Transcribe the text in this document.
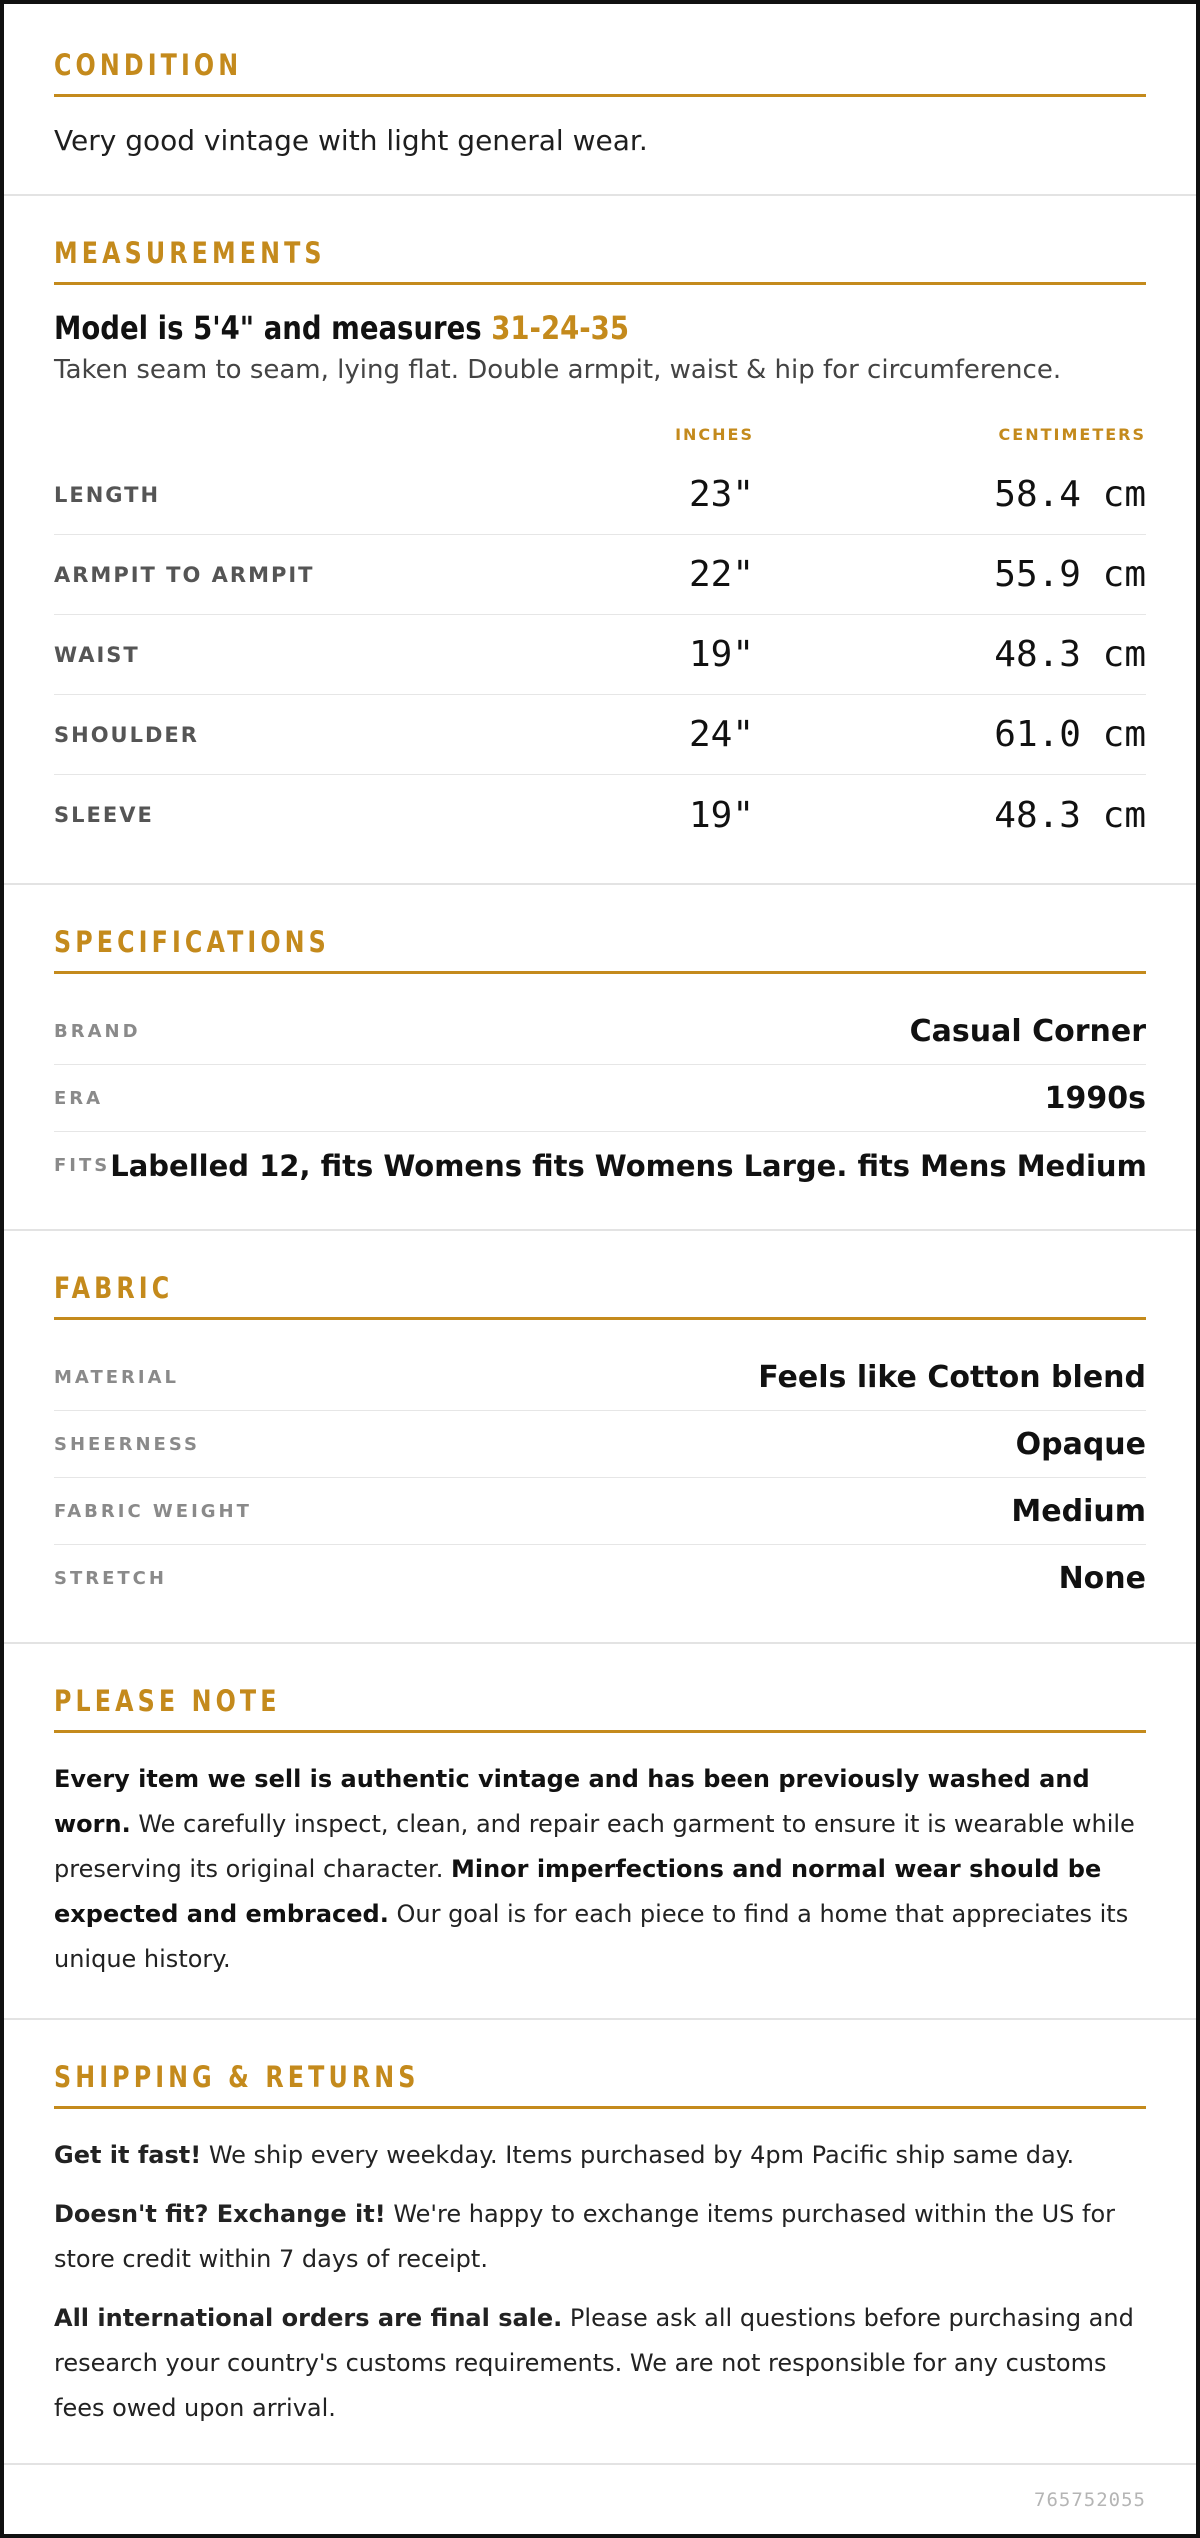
CONDITION

Very good vintage with light general wear.

MEASUREMENTS
Model is 5'4" and measures 31-24-35

Taken seam to seam, lying flat. Double armpit, waist & hip for circumference.

INCHES	CENTIMETERS
LENGTH	23"	58.4 cm
ARMPIT TO ARMPIT	22"	55.9 cm
WAIST	19"	48.3 cm
SHOULDER	24"	61.0 cm
SLEEVE	19"	48.3 cm
SPECIFICATIONS
BRAND	Casual Corner
ERA	1990s
FITS Labelled 12, fits Womens fits Womens Large. fits Mens Medium
FABRIC
MATERIAL	Feels like Cotton blend
SHEERNESS	Opaque
FABRIC WEIGHT	Medium
STRETCH	None
PLEASE NOTE

Every item we sell is authentic vintage and has been previously washed and worn. We carefully inspect, clean, and repair each garment to ensure it is wearable while preserving its original character. Minor imperfections and normal wear should be expected and embraced. Our goal is for each piece to find a home that appreciates its unique history.

SHIPPING & RETURNS

Get it fast! We ship every weekday. Items purchased by 4pm Pacific ship same day.

Doesn't fit? Exchange it! We're happy to exchange items purchased within the US for store credit within 7 days of receipt.

All international orders are final sale. Please ask all questions before purchasing and research your country's customs requirements. We are not responsible for any customs fees owed upon arrival.

765752055
